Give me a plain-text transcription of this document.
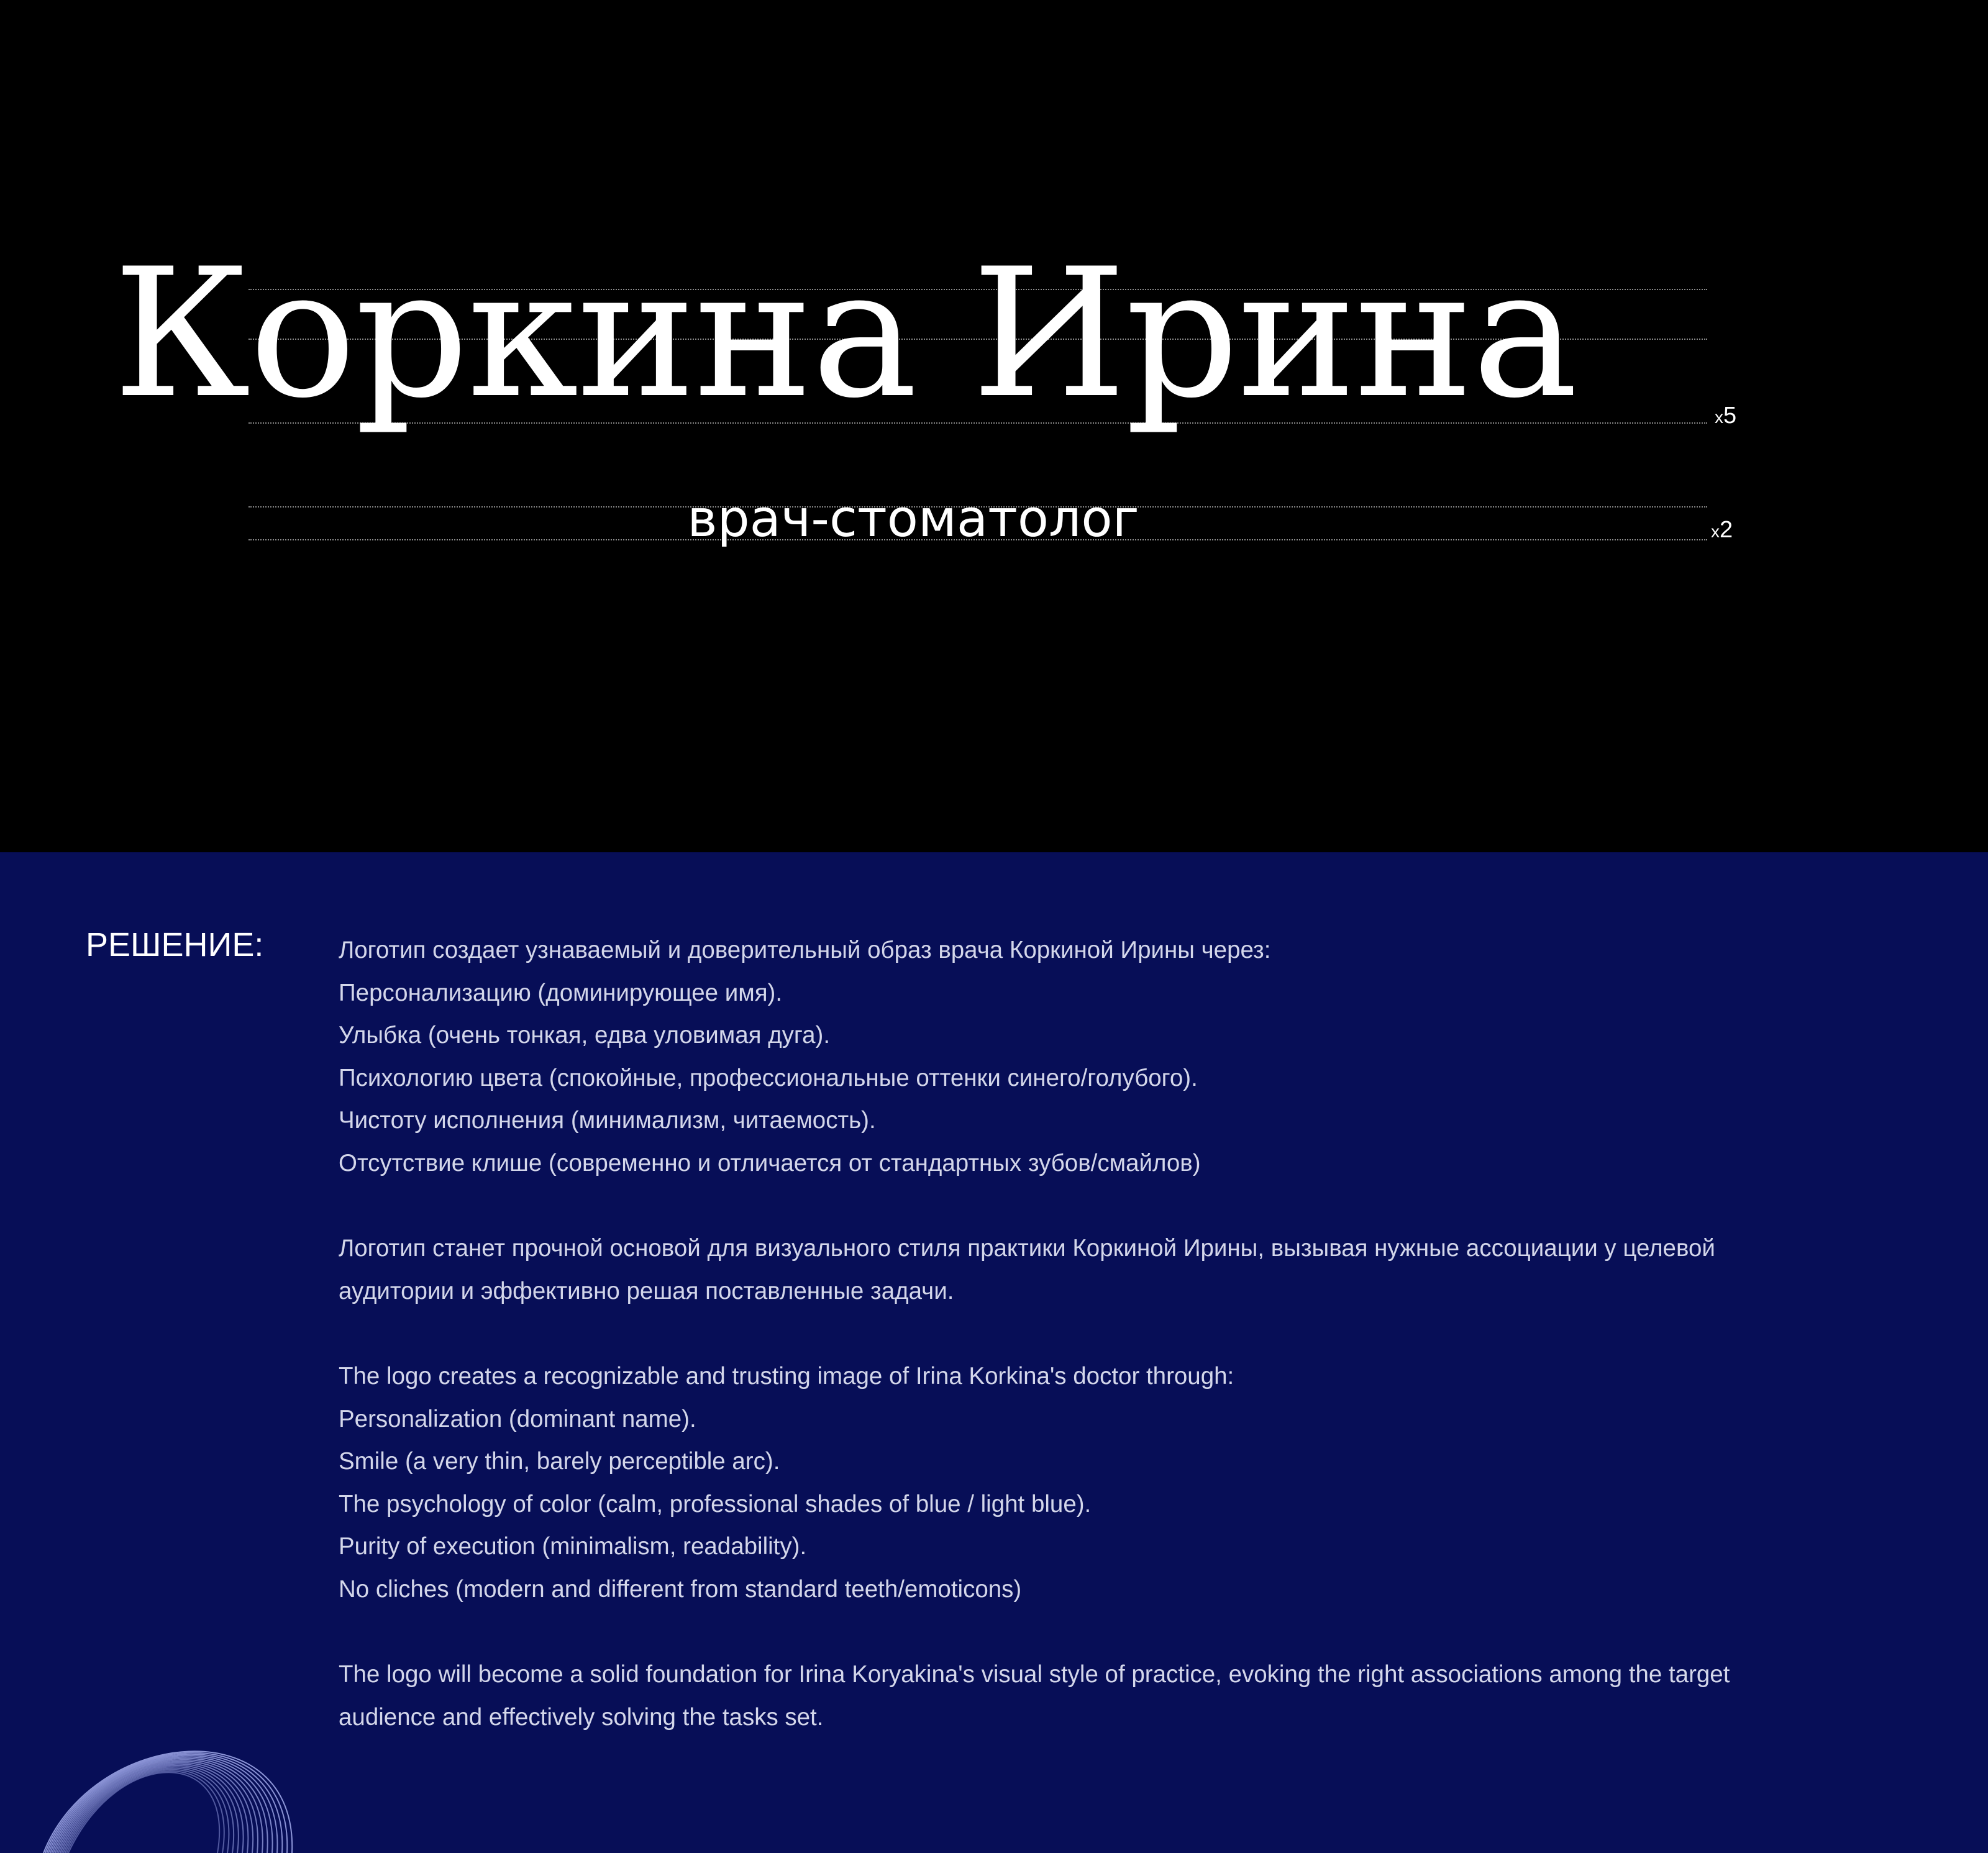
Коркина Ирина
врач-стоматолог
x5
x2
РЕШЕНИЕ:	Логотип создает узнаваемый и доверительный образ врача Коркиной Ирины через:
Персонализацию (доминирующее имя).
Улыбка (очень тонкая, едва уловимая дуга).
Психологию цвета (спокойные, профессиональные оттенки синего/голубого).
Чистоту исполнения (минимализм, читаемость).
Отсутствие клише (современно и отличается от стандартных зубов/смайлов)
Логотип станет прочной основой для визуального стиля практики Коркиной Ирины, вызывая нужные ассоциации у целевой
аудитории и эффективно решая поставленные задачи.
The logo creates a recognizable and trusting image of Irina Korkina's doctor through:
Personalization (dominant name).
Smile (a very thin, barely perceptible arc).
The psychology of color (calm, professional shades of blue / light blue).
Purity of execution (minimalism, readability).
No cliches (modern and different from standard teeth/emoticons)
The logo will become a solid foundation for Irina Koryakina's visual style of practice, evoking the right associations among the target
audience and effectively solving the tasks set.
